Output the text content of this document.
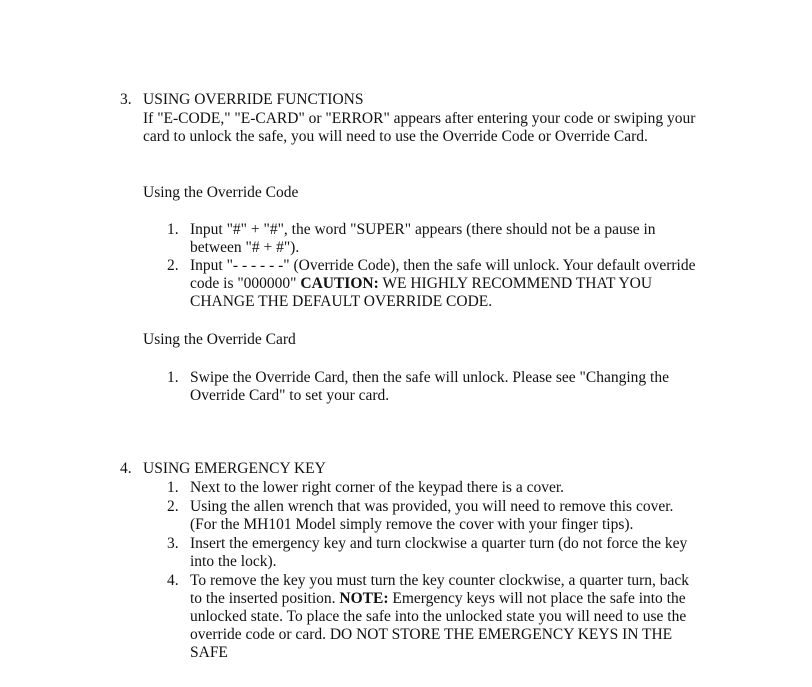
3. USING OVERRIDE FUNCTIONS
If "E-CODE," "E-CARD" or "ERROR" appears after entering your code or swiping your
card to unlock the safe, you will need to use the Override Code or Override Card.
Using the Override Code
1. Input "#" + "#", the word "SUPER" appears (there should not be a pause in
between "# + #").
2. Input "- - - - - -" (Override Code), then the safe will unlock. Your default override
code is "000000" CAUTION: WE HIGHLY RECOMMEND THAT YOU
CHANGE THE DEFAULT OVERRIDE CODE.
Using the Override Card
1. Swipe the Override Card, then the safe will unlock. Please see "Changing the
Override Card" to set your card.
4. USING EMERGENCY KEY
1. Next to the lower right corner of the keypad there is a cover.
2. Using the allen wrench that was provided, you will need to remove this cover.
(For the MH101 Model simply remove the cover with your finger tips).
3. Insert the emergency key and turn clockwise a quarter turn (do not force the key
into the lock).
4. To remove the key you must turn the key counter clockwise, a quarter turn, back
to the inserted position. NOTE: Emergency keys will not place the safe into the
unlocked state. To place the safe into the unlocked state you will need to use the
override code or card. DO NOT STORE THE EMERGENCY KEYS IN THE
SAFE
